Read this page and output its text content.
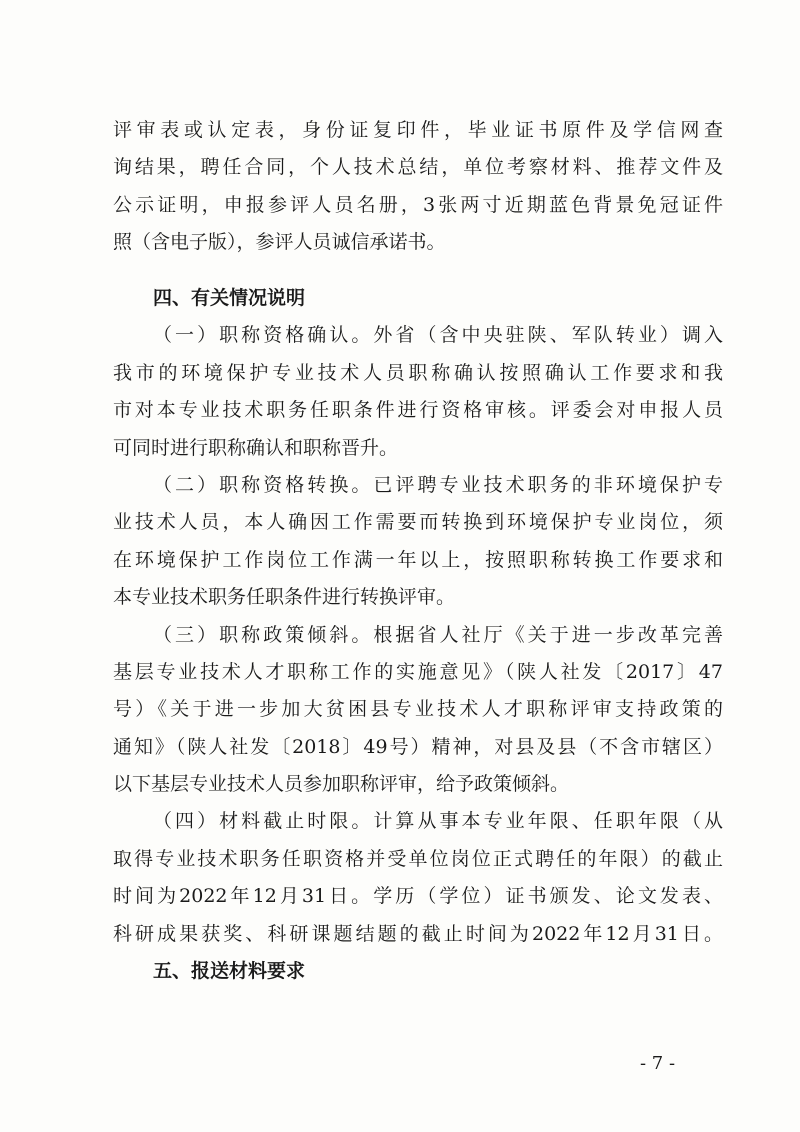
评审表或认定表，身份证复印件，毕业证书原件及学信网查
询结果，聘任合同，个人技术总结，单位考察材料、推荐文件及
公示证明，申报参评人员名册，3张两寸近期蓝色背景免冠证件
照（含电子版），参评人员诚信承诺书。
四、有关情况说明
（一）职称资格确认。外省（含中央驻陕、军队转业）调入
我市的环境保护专业技术人员职称确认按照确认工作要求和我
市对本专业技术职务任职条件进行资格审核。评委会对申报人员
可同时进行职称确认和职称晋升。
（二）职称资格转换。已评聘专业技术职务的非环境保护专
业技术人员，本人确因工作需要而转换到环境保护专业岗位，须
在环境保护工作岗位工作满一年以上，按照职称转换工作要求和
本专业技术职务任职条件进行转换评审。
（三）职称政策倾斜。根据省人社厅《关于进一步改革完善
基层专业技术人才职称工作的实施意见》（陕人社发〔2017〕47
号）《关于进一步加大贫困县专业技术人才职称评审支持政策的
通知》（陕人社发〔2018〕49号）精神，对县及县（不含市辖区）
以下基层专业技术人员参加职称评审，给予政策倾斜。
（四）材料截止时限。计算从事本专业年限、任职年限（从
取得专业技术职务任职资格并受单位岗位正式聘任的年限）的截止
时间为2022年12月31日。学历（学位）证书颁发、论文发表、
科研成果获奖、科研课题结题的截止时间为2022年12月31日。
五、报送材料要求
- 7 -
